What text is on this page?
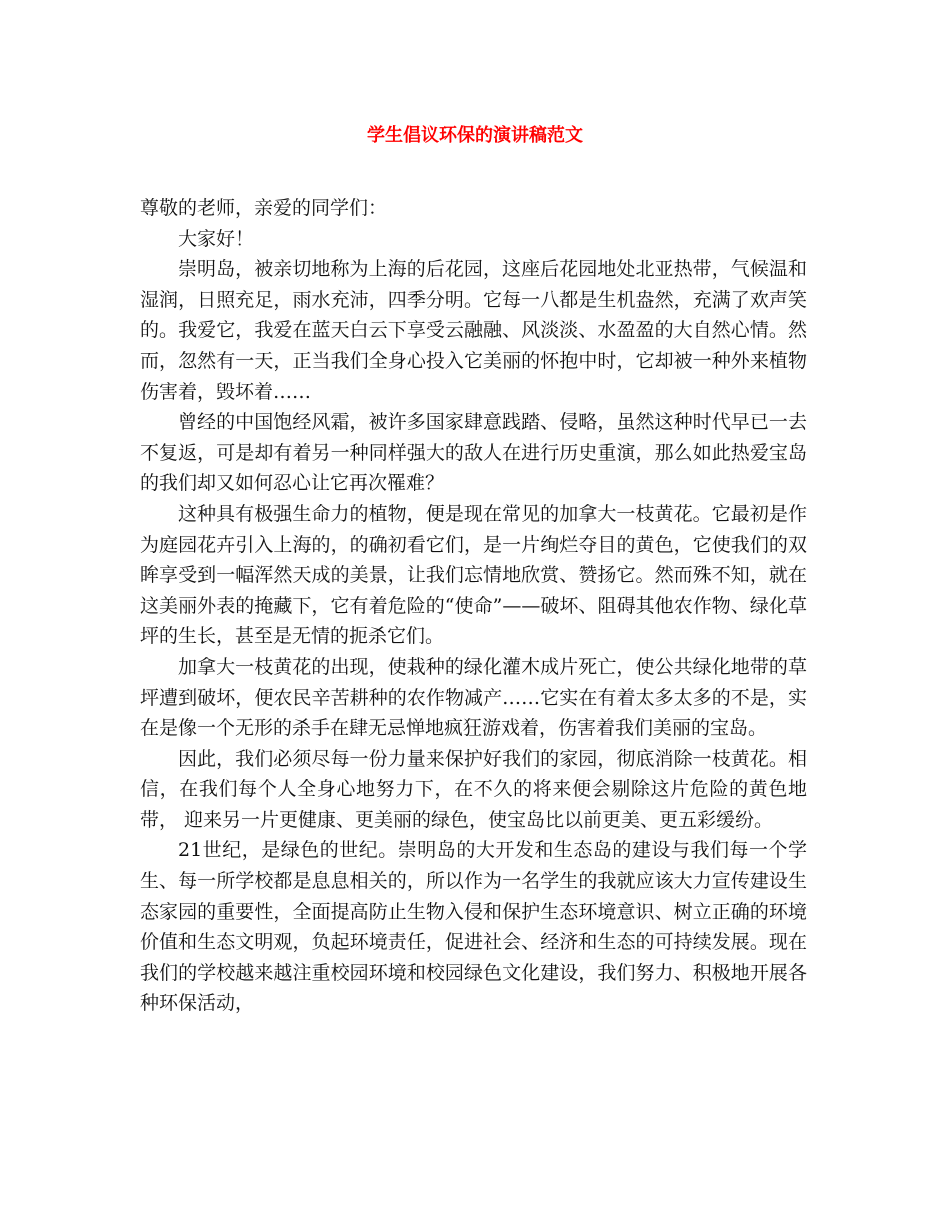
学生倡议环保的演讲稿范文

尊敬的老师，亲爱的同学们：

大家好！

崇明岛，被亲切地称为上海的后花园，这座后花园地处北亚热带，气候温和湿润，日照充足，雨水充沛，四季分明。它每一八都是生机盎然，充满了欢声笑的。我爱它，我爱在蓝天白云下享受云融融、风淡淡、水盈盈的大自然心情。然而，忽然有一天，正当我们全身心投入它美丽的怀抱中时，它却被一种外来植物伤害着，毁坏着……

曾经的中国饱经风霜，被许多国家肆意践踏、侵略，虽然这种时代早已一去不复返，可是却有着另一种同样强大的敌人在进行历史重演，那么如此热爱宝岛的我们却又如何忍心让它再次罹难？

这种具有极强生命力的植物，便是现在常见的加拿大一枝黄花。它最初是作为庭园花卉引入上海的，的确初看它们，是一片绚烂夺目的黄色，它使我们的双眸享受到一幅浑然天成的美景，让我们忘情地欣赏、赞扬它。然而殊不知，就在这美丽外表的掩藏下，它有着危险的“使命”——破坏、阻碍其他农作物、绿化草坪的生长，甚至是无情的扼杀它们。

加拿大一枝黄花的出现，使栽种的绿化灌木成片死亡，使公共绿化地带的草坪遭到破坏，便农民辛苦耕种的农作物减产……它实在有着太多太多的不是，实在是像一个无形的杀手在肆无忌惮地疯狂游戏着，伤害着我们美丽的宝岛。

因此，我们必须尽每一份力量来保护好我们的家园，彻底消除一枝黄花。相信，在我们每个人全身心地努力下，在不久的将来便会剔除这片危险的黄色地带， 迎来另一片更健康、更美丽的绿色，使宝岛比以前更美、更五彩缓纷。

21世纪，是绿色的世纪。崇明岛的大开发和生态岛的建设与我们每一个学生、每一所学校都是息息相关的，所以作为一名学生的我就应该大力宣传建设生态家园的重要性，全面提高防止生物入侵和保护生态环境意识、树立正确的环境价值和生态文明观，负起环境责任，促进社会、经济和生态的可持续发展。现在我们的学校越来越注重校园环境和校园绿色文化建设，我们努力、积极地开展各种环保活动，
